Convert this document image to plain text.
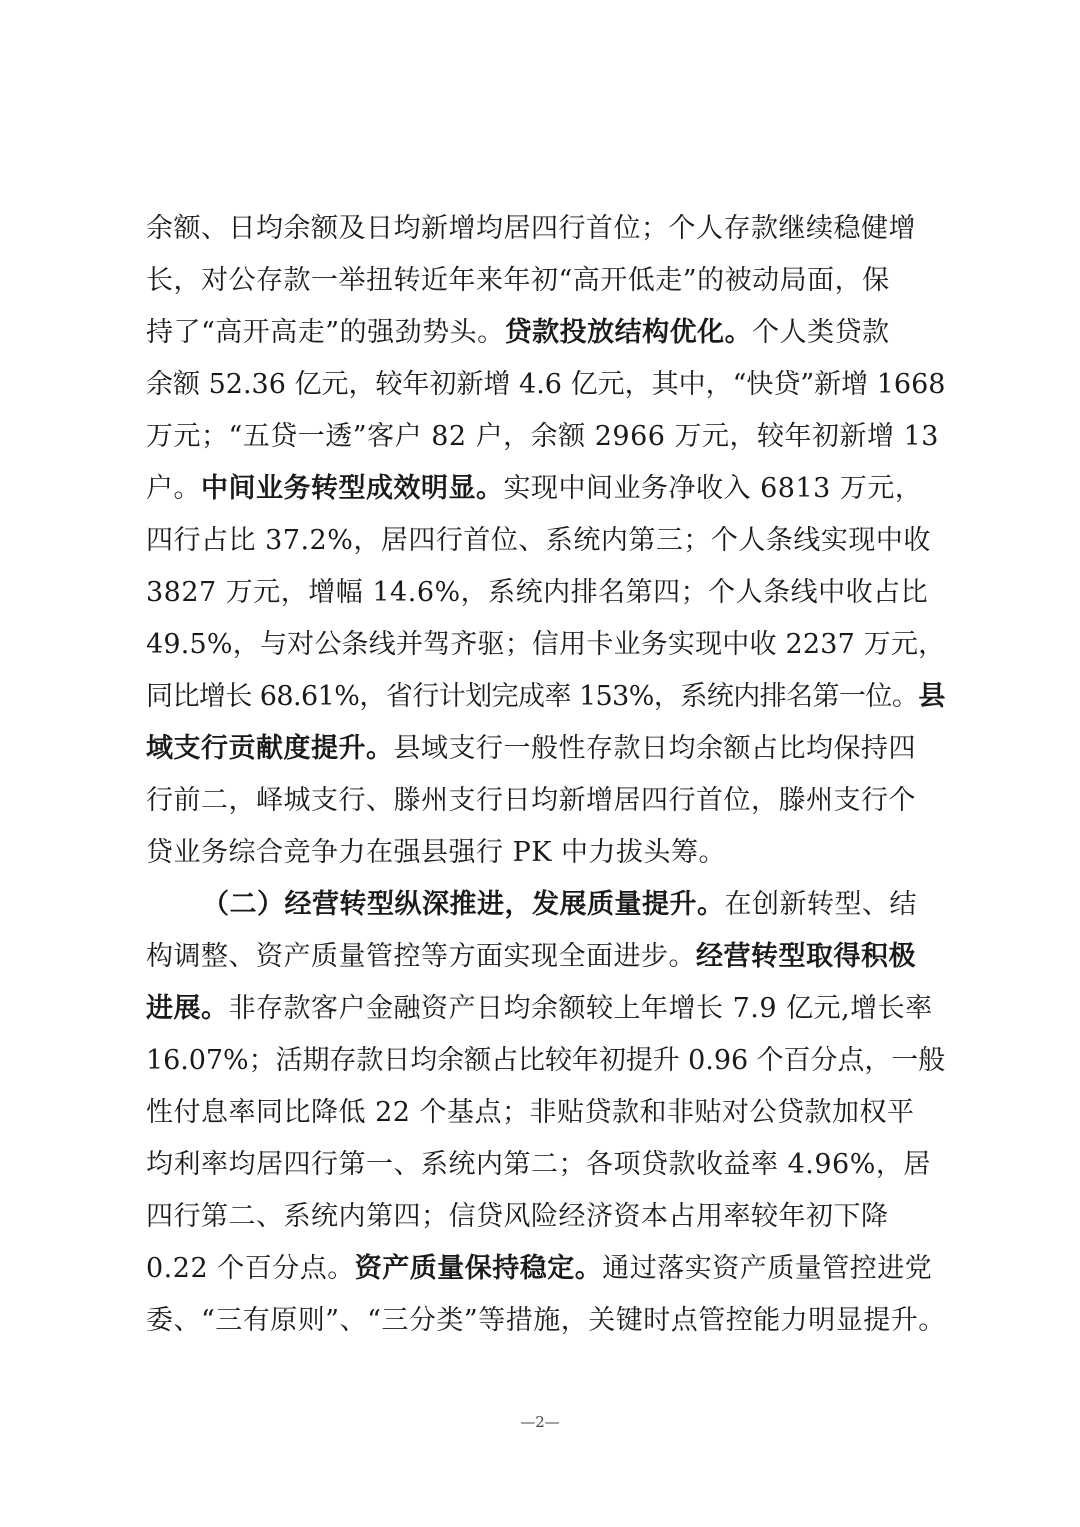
余额、日均余额及日均新增均居四行首位；个人存款继续稳健增
长，对公存款一举扭转近年来年初“高开低走”的被动局面，保
持了“高开高走”的强劲势头。贷款投放结构优化。个人类贷款
余额 52.36 亿元，较年初新增 4.6 亿元，其中，“快贷”新增 1668
万元；“五贷一透”客户 82 户，余额 2966 万元，较年初新增 13
户。中间业务转型成效明显。实现中间业务净收入 6813 万元，
四行占比 37.2%，居四行首位、系统内第三；个人条线实现中收
3827 万元，增幅 14.6%，系统内排名第四；个人条线中收占比
49.5%，与对公条线并驾齐驱；信用卡业务实现中收 2237 万元，
同比增长 68.61%，省行计划完成率 153%，系统内排名第一位。县
域支行贡献度提升。县域支行一般性存款日均余额占比均保持四
行前二，峄城支行、滕州支行日均新增居四行首位，滕州支行个
贷业务综合竞争力在强县强行 PK 中力拔头筹。
（二）经营转型纵深推进，发展质量提升。在创新转型、结
构调整、资产质量管控等方面实现全面进步。经营转型取得积极
进展。非存款客户金融资产日均余额较上年增长 7.9 亿元,增长率
16.07%；活期存款日均余额占比较年初提升 0.96 个百分点，一般
性付息率同比降低 22 个基点；非贴贷款和非贴对公贷款加权平
均利率均居四行第一、系统内第二；各项贷款收益率 4.96%，居
四行第二、系统内第四；信贷风险经济资本占用率较年初下降
0.22 个百分点。资产质量保持稳定。通过落实资产质量管控进党
委、“三有原则”、“三分类”等措施，关键时点管控能力明显提升。
—2—
